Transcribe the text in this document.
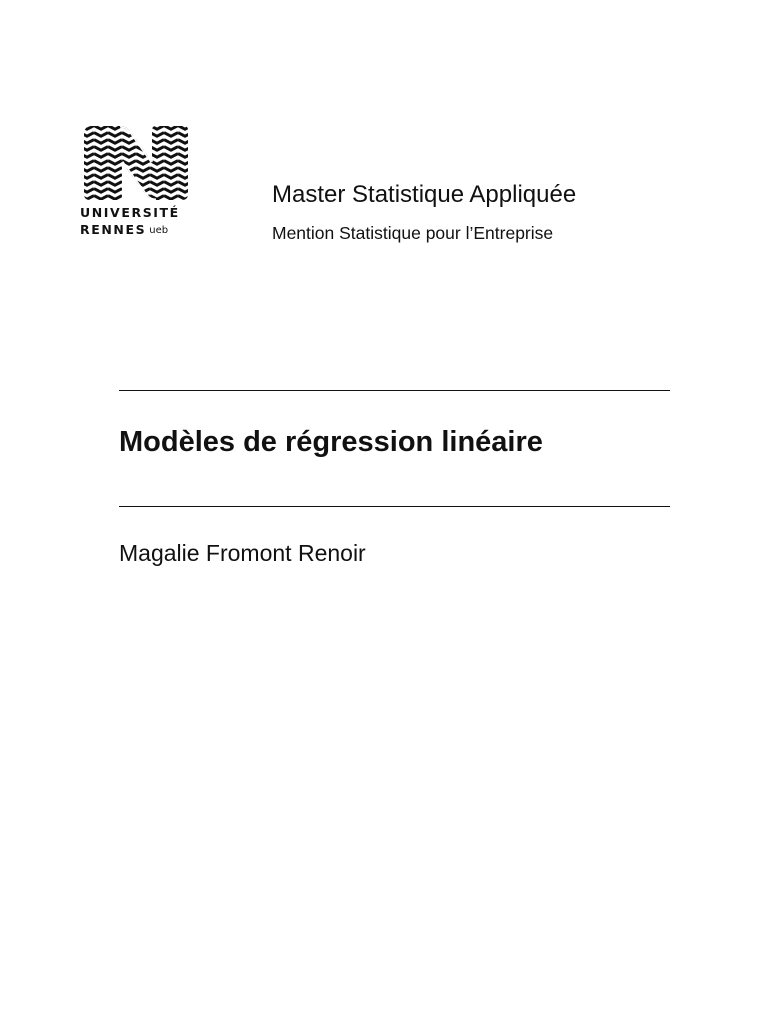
UNIVERSITÉ
RENNES ueb
Master Statistique Appliquée
Mention Statistique pour l’Entreprise
Modèles de régression linéaire
Magalie Fromont Renoir
